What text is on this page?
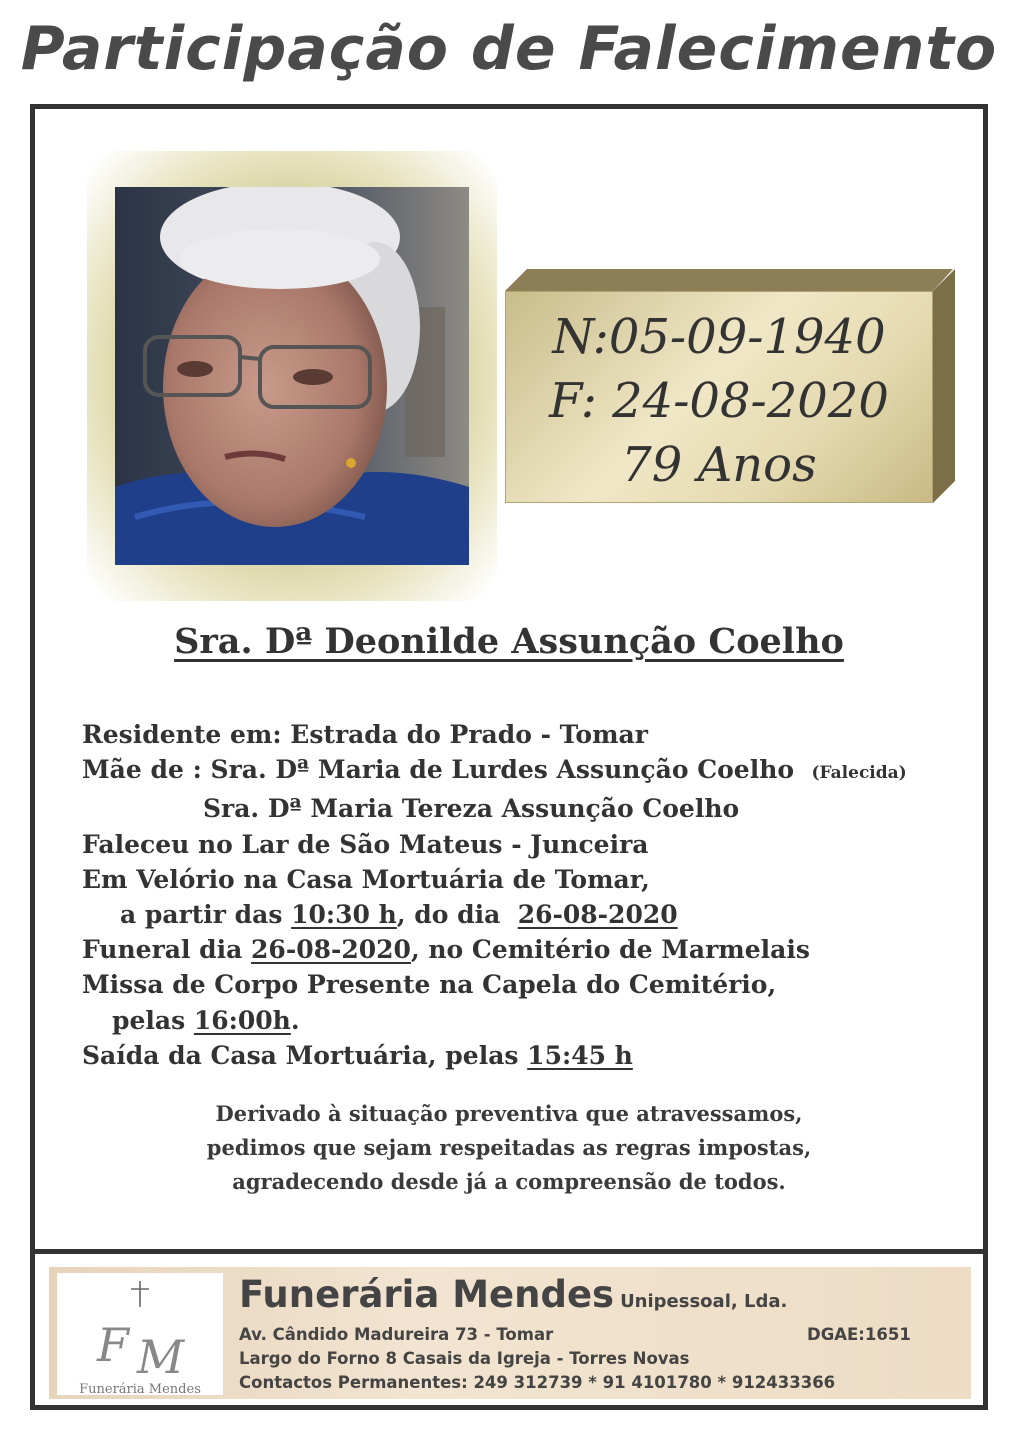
Participação de Falecimento
N:05-09-1940
F: 24-08-2020
79 Anos
Sra. Dª Deonilde Assunção Coelho
Residente em: Estrada do Prado - Tomar
Mãe de : Sra. Dª Maria de Lurdes Assunção Coelho (Falecida)
Sra. Dª Maria Tereza Assunção Coelho
Faleceu no Lar de São Mateus - Junceira
Em Velório na Casa Mortuária de Tomar,
a partir das 10:30 h, do dia  26-08-2020
Funeral dia 26-08-2020, no Cemitério de Marmelais
Missa de Corpo Presente na Capela do Cemitério,
pelas 16:00h.
Saída da Casa Mortuária, pelas 15:45 h
Derivado à situação preventiva que atravessamos,
pedimos que sejam respeitadas as regras impostas,
agradecendo desde já a compreensão de todos.
F M
Funerária Mendes
Funerária Mendes Unipessoal, Lda.
Av. Cândido Madureira 73 - Tomar	DGAE:1651
Largo do Forno 8 Casais da Igreja - Torres Novas
Contactos Permanentes: 249 312739 * 91 4101780 * 912433366
